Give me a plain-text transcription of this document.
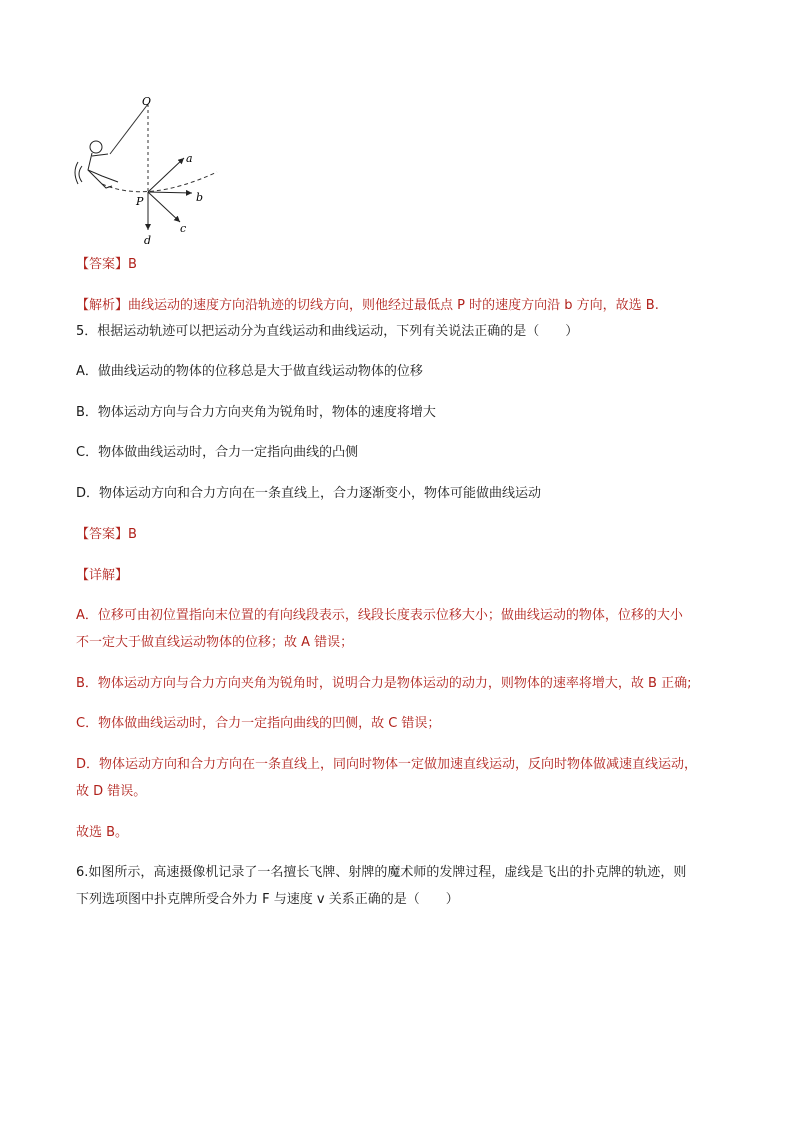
O
P
a
b
c
d
【答案】B
【解析】曲线运动的速度方向沿轨迹的切线方向，则他经过最低点 P 时的速度方向沿 b 方向，故选 B.
5．根据运动轨迹可以把运动分为直线运动和曲线运动，下列有关说法正确的是（　　）
A．做曲线运动的物体的位移总是大于做直线运动物体的位移
B．物体运动方向与合力方向夹角为锐角时，物体的速度将增大
C．物体做曲线运动时，合力一定指向曲线的凸侧
D．物体运动方向和合力方向在一条直线上，合力逐渐变小，物体可能做曲线运动
【答案】B
【详解】
A．位移可由初位置指向末位置的有向线段表示，线段长度表示位移大小；做曲线运动的物体，位移的大小
不一定大于做直线运动物体的位移；故 A 错误；
B．物体运动方向与合力方向夹角为锐角时，说明合力是物体运动的动力，则物体的速率将增大，故 B 正确;
C．物体做曲线运动时，合力一定指向曲线的凹侧，故 C 错误；
D．物体运动方向和合力方向在一条直线上，同向时物体一定做加速直线运动，反向时物体做减速直线运动，
故 D 错误。
故选 B。
6.如图所示，高速摄像机记录了一名擅长飞牌、射牌的魔术师的发牌过程，虚线是飞出的扑克牌的轨迹，则
下列选项图中扑克牌所受合外力 F 与速度 v 关系正确的是（　　）
